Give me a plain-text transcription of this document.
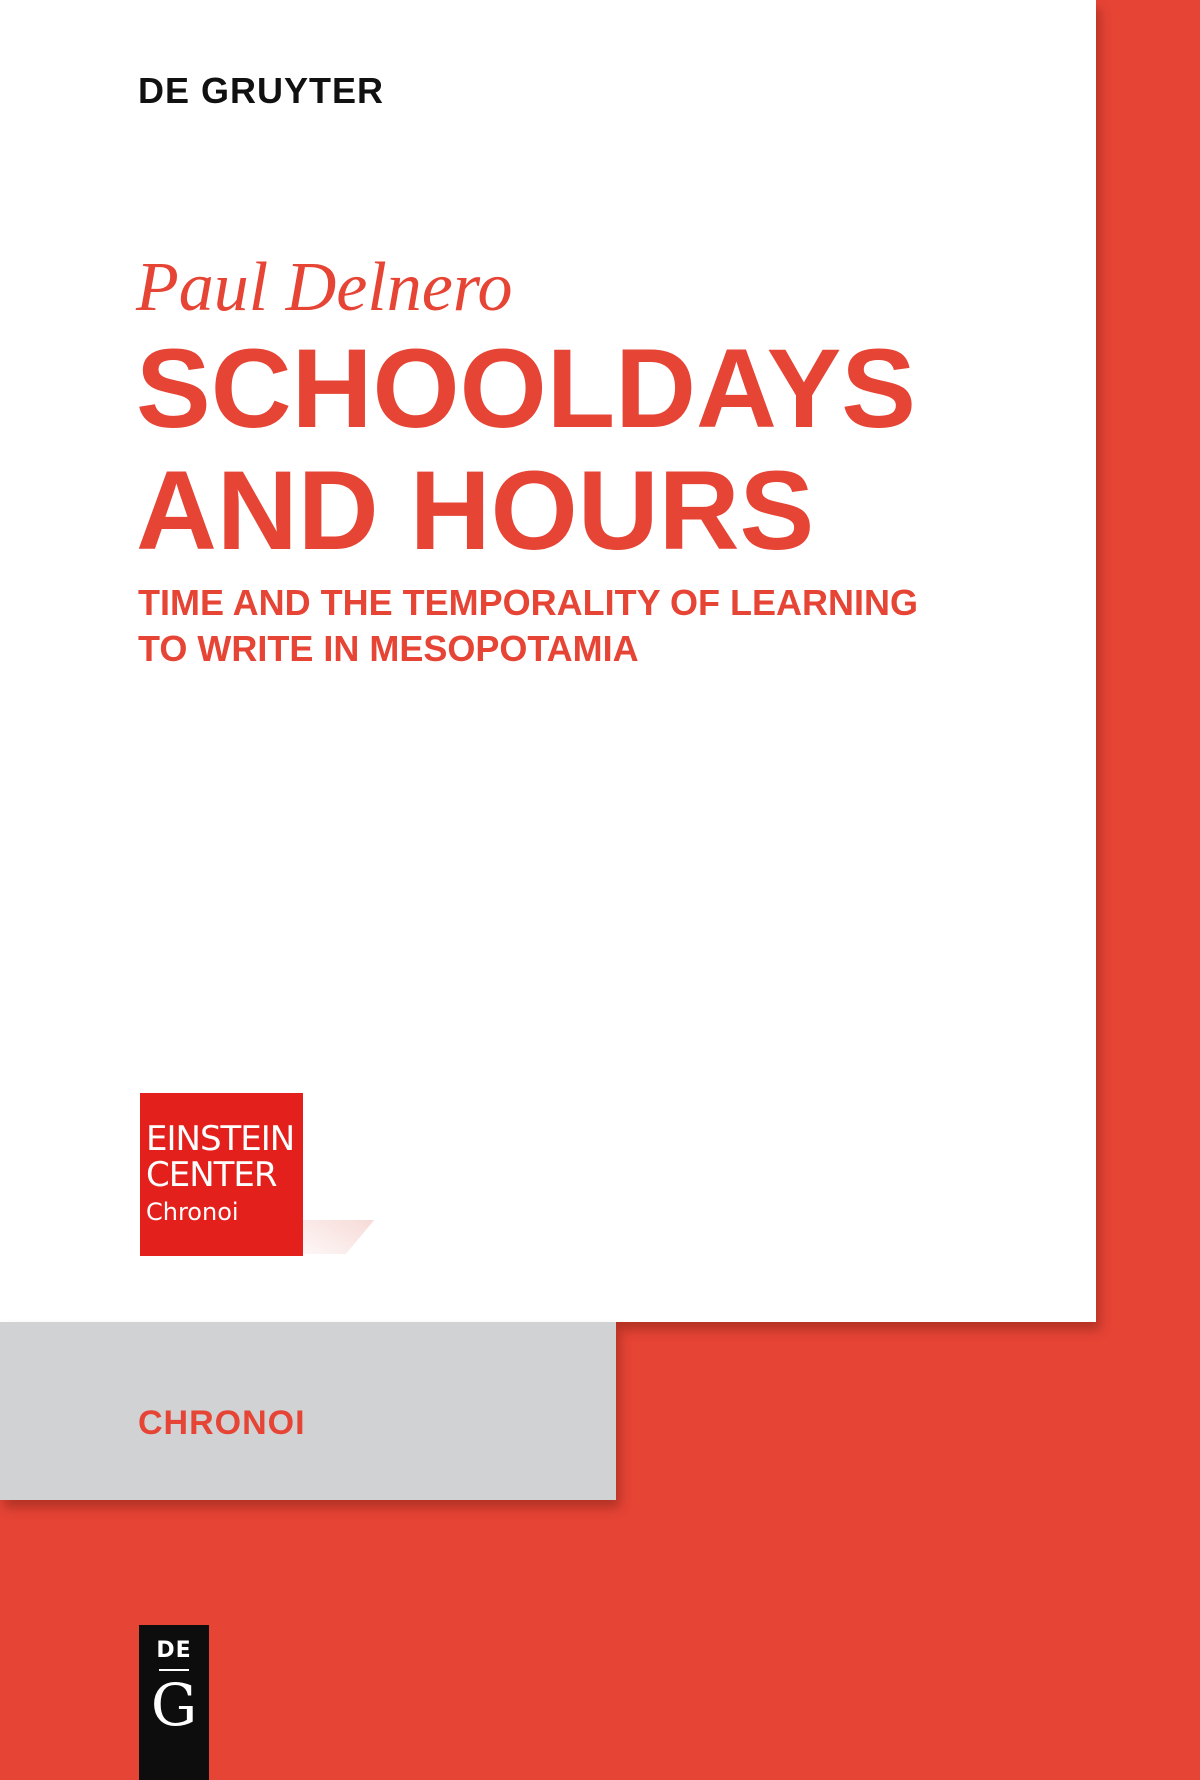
DE GRUYTER

Paul Delnero

SCHOOLDAYS
AND HOURS
TIME AND THE TEMPORALITY OF LEARNING
TO WRITE IN MESOPOTAMIA
EINSTEIN
CENTER
Chronoi

CHRONOI

DE
G
